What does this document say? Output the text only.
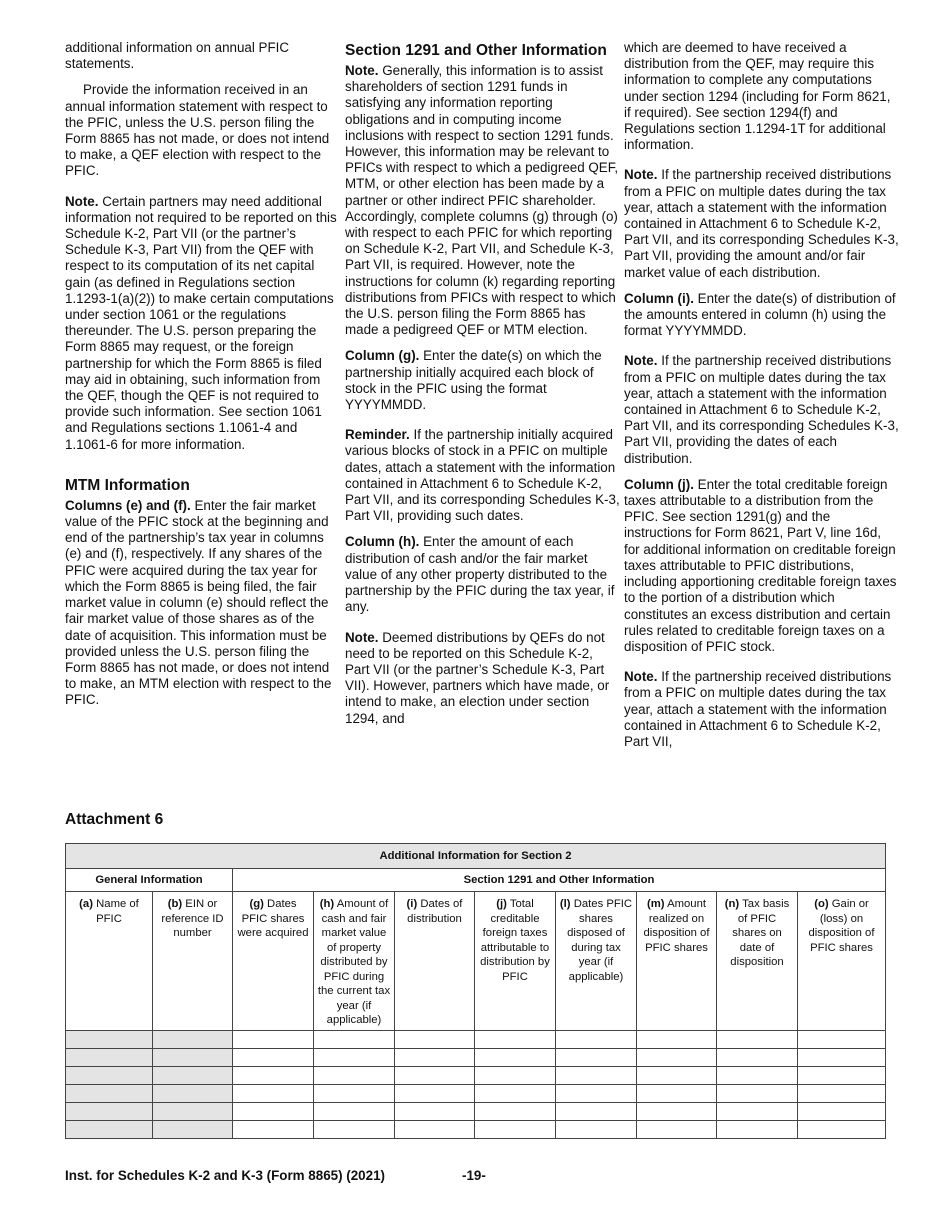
additional information on annual PFIC statements.

Provide the information received in an annual information statement with respect to the PFIC, unless the U.S. person filing the Form 8865 has not made, or does not intend to make, a QEF election with respect to the PFIC.

Note. Certain partners may need additional information not required to be reported on this Schedule K-2, Part VII (or the partner’s Schedule K-3, Part VII) from the QEF with respect to its computation of its net capital gain (as defined in Regulations section 1.1293-1(a)(2)) to make certain computations under section 1061 or the regulations thereunder. The U.S. person preparing the Form 8865 may request, or the foreign partnership for which the Form 8865 is filed may aid in obtaining, such information from the QEF, though the QEF is not required to provide such information. See section 1061 and Regulations sections 1.1061-4 and 1.1061-6 for more information.

MTM Information

Columns (e) and (f). Enter the fair market value of the PFIC stock at the beginning and end of the partnership’s tax year in columns (e) and (f), respectively. If any shares of the PFIC were acquired during the tax year for which the Form 8865 is being filed, the fair market value in column (e) should reflect the fair market value of those shares as of the date of acquisition. This information must be provided unless the U.S. person filing the Form 8865 has not made, or does not intend to make, an MTM election with respect to the PFIC.

Section 1291 and Other Information

Note. Generally, this information is to assist shareholders of section 1291 funds in satisfying any information reporting obligations and in computing income inclusions with respect to section 1291 funds. However, this information may be relevant to PFICs with respect to which a pedigreed QEF, MTM, or other election has been made by a partner or other indirect PFIC shareholder. Accordingly, complete columns (g) through (o) with respect to each PFIC for which reporting on Schedule K-2, Part VII, and Schedule K-3, Part VII, is required. However, note the instructions for column (k) regarding reporting distributions from PFICs with respect to which the U.S. person filing the Form 8865 has made a pedigreed QEF or MTM election.

Column (g). Enter the date(s) on which the partnership initially acquired each block of stock in the PFIC using the format YYYYMMDD.

Reminder. If the partnership initially acquired various blocks of stock in a PFIC on multiple dates, attach a statement with the information contained in Attachment 6 to Schedule K-2, Part VII, and its corresponding Schedules K-3, Part VII, providing such dates.

Column (h). Enter the amount of each distribution of cash and/or the fair market value of any other property distributed to the partnership by the PFIC during the tax year, if any.

Note. Deemed distributions by QEFs do not need to be reported on this Schedule K-2, Part VII (or the partner’s Schedule K-3, Part VII). However, partners which have made, or intend to make, an election under section 1294, and

which are deemed to have received a distribution from the QEF, may require this information to complete any computations under section 1294 (including for Form 8621, if required). See section 1294(f) and Regulations section 1.1294-1T for additional information.

Note. If the partnership received distributions from a PFIC on multiple dates during the tax year, attach a statement with the information contained in Attachment 6 to Schedule K-2, Part VII, and its corresponding Schedules K-3, Part VII, providing the amount and/or fair market value of each distribution.

Column (i). Enter the date(s) of distribution of the amounts entered in column (h) using the format YYYYMMDD.

Note. If the partnership received distributions from a PFIC on multiple dates during the tax year, attach a statement with the information contained in Attachment 6 to Schedule K-2, Part VII, and its corresponding Schedules K-3, Part VII, providing the dates of each distribution.

Column (j). Enter the total creditable foreign taxes attributable to a distribution from the PFIC. See section 1291(g) and the instructions for Form 8621, Part V, line 16d, for additional information on creditable foreign taxes attributable to PFIC distributions, including apportioning creditable foreign taxes to the portion of a distribution which constitutes an excess distribution and certain rules related to creditable foreign taxes on a disposition of PFIC stock.

Note. If the partnership received distributions from a PFIC on multiple dates during the tax year, attach a statement with the information contained in Attachment 6 to Schedule K-2, Part VII,

Attachment 6
Additional Information for Section 2									
General Information		Section 1291 and Other Information							
(a) Name of PFIC	(b) EIN or reference ID number	(g) Dates PFIC shares were acquired	(h) Amount of cash and fair market value of property distributed by PFIC during the current tax year (if applicable)	(i) Dates of distribution	(j) Total creditable foreign taxes attributable to distribution by PFIC	(l) Dates PFIC shares disposed of during tax year (if applicable)	(m) Amount realized on disposition of PFIC shares	(n) Tax basis of PFIC shares on date of disposition	(o) Gain or (loss) on disposition of PFIC shares

Inst. for Schedules K-2 and K-3 (Form 8865) (2021)	-19-
